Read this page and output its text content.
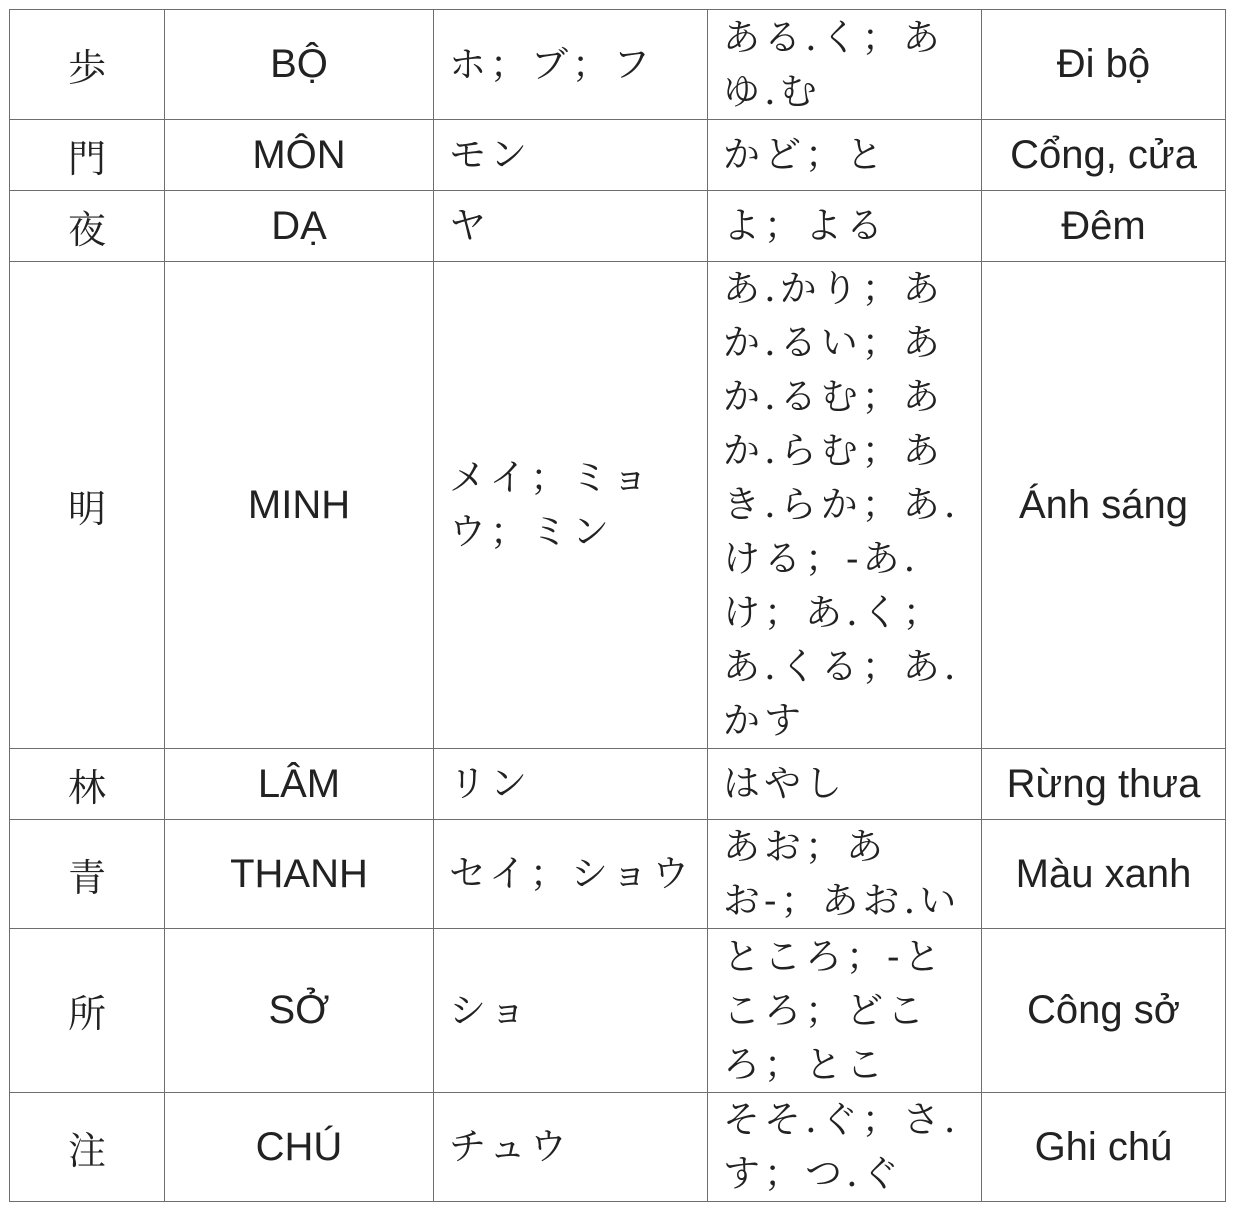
歩	BỘ	ホ；ブ；フ	ある.く；あゆ.む	Đi bộ
門	MÔN	モン	かど；と	Cổng, cửa
夜	DẠ	ヤ	よ；よる	Đêm
明	MINH	メイ；ミョウ；ミン	あ.かり；あか.るい；あか.るむ；あか.らむ；あき.らか；あ.ける；-あ.け；あ.く；あ.くる；あ.かす	Ánh sáng
林	LÂM	リン	はやし	Rừng thưa
青	THANH	セイ；ショウ	あお；あお-；あお.い	Màu xanh
所	SỞ	ショ	ところ；-ところ；どころ；とこ	Công sở
注	CHÚ	チュウ	そそ.ぐ；さ.す；つ.ぐ	Ghi chú
